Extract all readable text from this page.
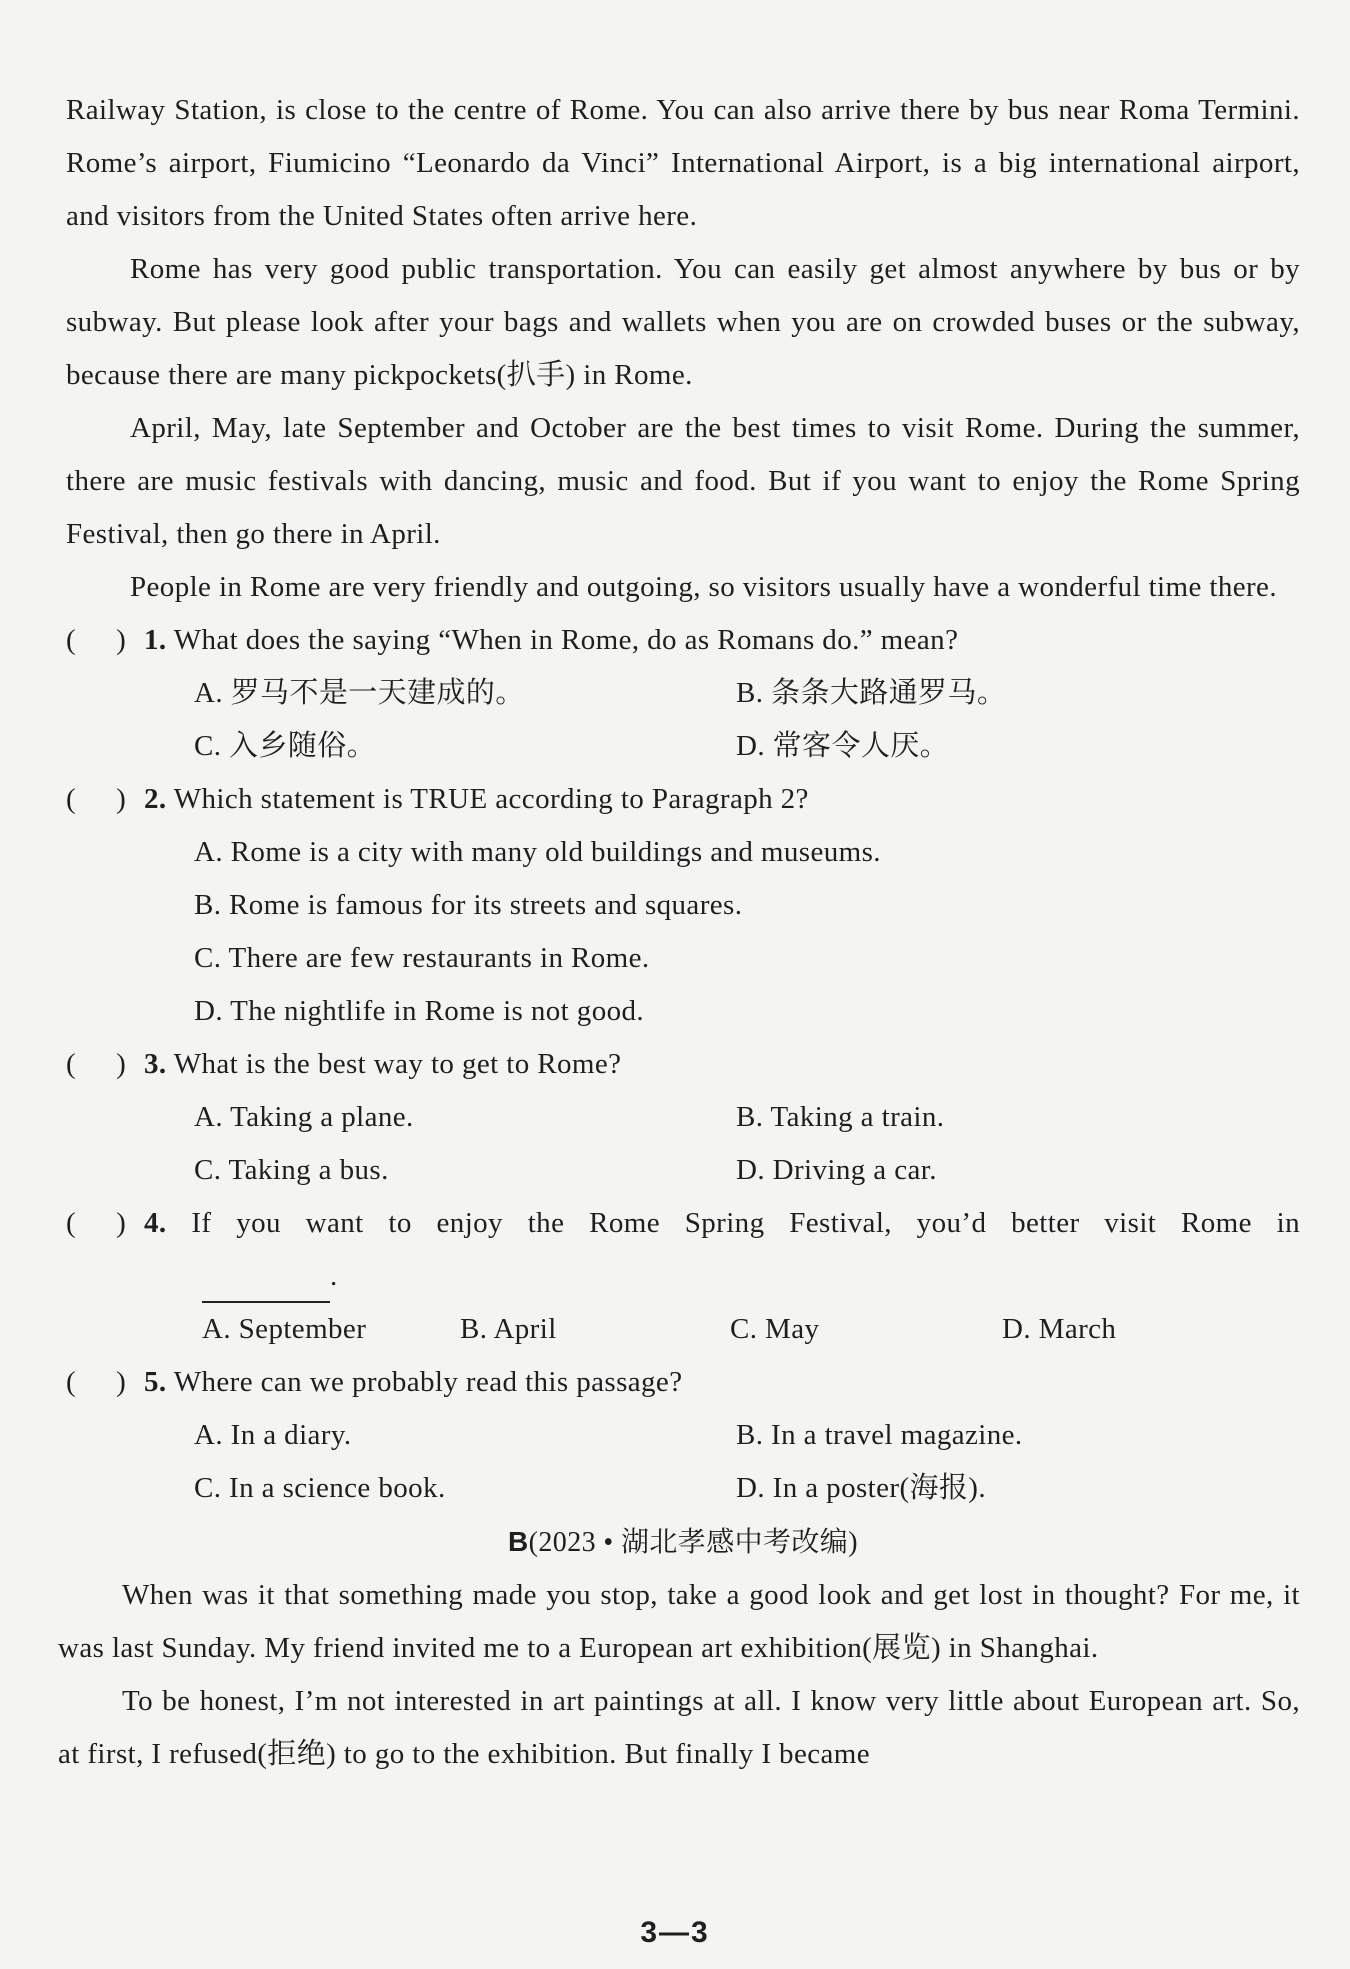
Railway Station, is close to the centre of Rome. You can also arrive there by bus near Roma Termini. Rome’s airport, Fiumicino “Leonardo da Vinci” International Airport, is a big international airport, and visitors from the United States often arrive here.

Rome has very good public transportation. You can easily get almost anywhere by bus or by subway. But please look after your bags and wallets when you are on crowded buses or the subway, because there are many pickpockets(扒手) in Rome.

April, May, late September and October are the best times to visit Rome. During the summer, there are music festivals with dancing, music and food. But if you want to enjoy the Rome Spring Festival, then go there in April.

People in Rome are very friendly and outgoing, so visitors usually have a wonderful time there.

( ) 1. What does the saying “When in Rome, do as Romans do.” mean?

A. 罗马不是一天建成的。	B. 条条大路通罗马。
C. 入乡随俗。	D. 常客令人厌。

( ) 2. Which statement is TRUE according to Paragraph 2?

A. Rome is a city with many old buildings and museums.
B. Rome is famous for its streets and squares.
C. There are few restaurants in Rome.
D. The nightlife in Rome is not good.

( ) 3. What is the best way to get to Rome?

A. Taking a plane.	B. Taking a train.
C. Taking a bus.	D. Driving a car.

( ) 4. If you want to enjoy the Rome Spring Festival, you’d better visit Rome in

.

A. September	B. April	C. May	D. March

( ) 5. Where can we probably read this passage?

A. In a diary.	B. In a travel magazine.
C. In a science book.	D. In a poster(海报).

B(2023 • 湖北孝感中考改编)

When was it that something made you stop, take a good look and get lost in thought? For me, it was last Sunday. My friend invited me to a European art exhibition(展览) in Shanghai.

To be honest, I’m not interested in art paintings at all. I know very little about European art. So, at first, I refused(拒绝) to go to the exhibition. But finally I became

3—3
